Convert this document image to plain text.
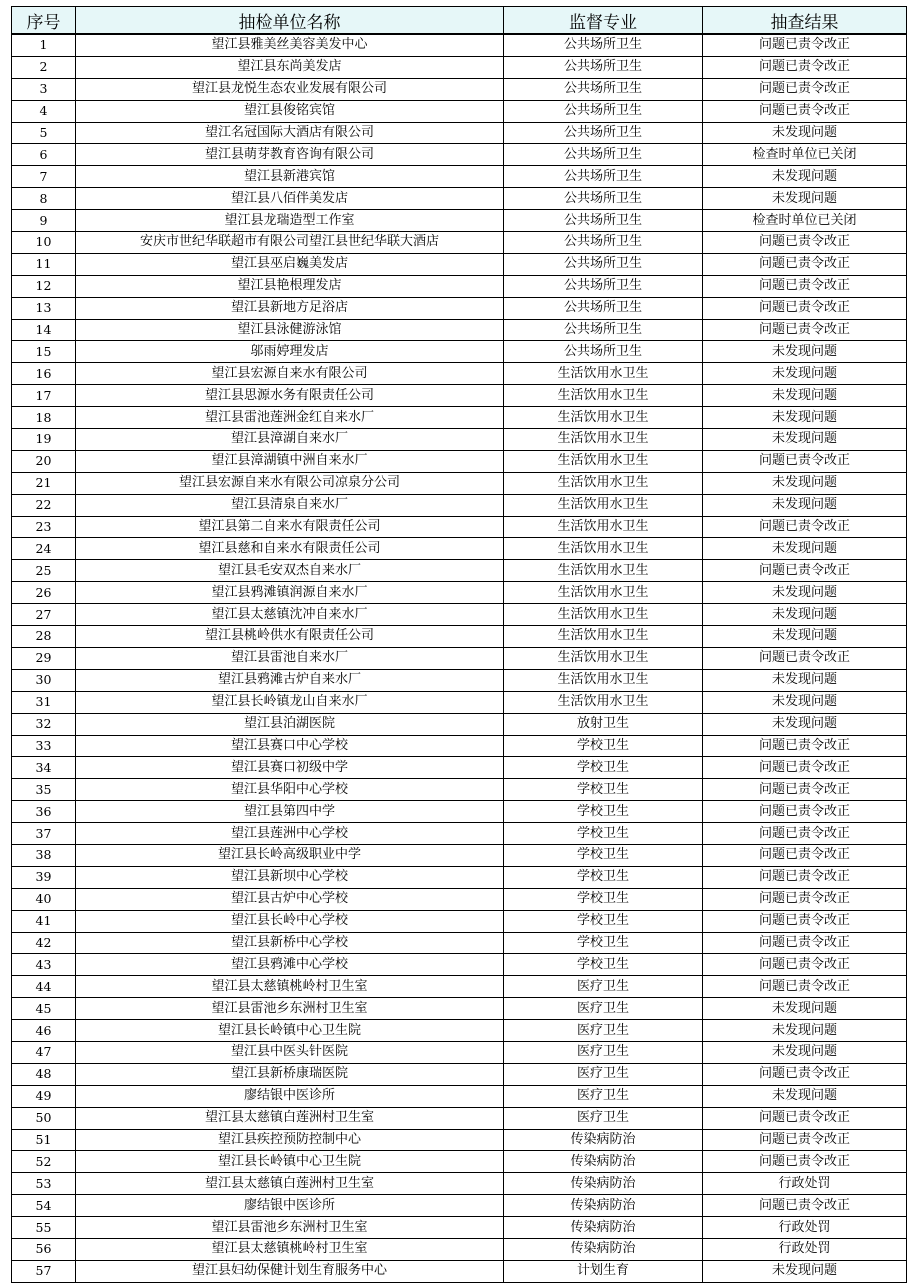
序号	抽检单位名称	监督专业	抽查结果
1	望江县雅美丝美容美发中心	公共场所卫生	问题已责令改正
2	望江县东尚美发店	公共场所卫生	问题已责令改正
3	望江县龙悦生态农业发展有限公司	公共场所卫生	问题已责令改正
4	望江县俊铭宾馆	公共场所卫生	问题已责令改正
5	望江名冠国际大酒店有限公司	公共场所卫生	未发现问题
6	望江县萌芽教育咨询有限公司	公共场所卫生	检查时单位已关闭
7	望江县新港宾馆	公共场所卫生	未发现问题
8	望江县八佰伴美发店	公共场所卫生	未发现问题
9	望江县龙瑞造型工作室	公共场所卫生	检查时单位已关闭
10	安庆市世纪华联超市有限公司望江县世纪华联大酒店	公共场所卫生	问题已责令改正
11	望江县巫启巍美发店	公共场所卫生	问题已责令改正
12	望江县艳根理发店	公共场所卫生	问题已责令改正
13	望江县新地方足浴店	公共场所卫生	问题已责令改正
14	望江县泳健游泳馆	公共场所卫生	问题已责令改正
15	邬雨婷理发店	公共场所卫生	未发现问题
16	望江县宏源自来水有限公司	生活饮用水卫生	未发现问题
17	望江县思源水务有限责任公司	生活饮用水卫生	未发现问题
18	望江县雷池莲洲金红自来水厂	生活饮用水卫生	未发现问题
19	望江县漳湖自来水厂	生活饮用水卫生	未发现问题
20	望江县漳湖镇中洲自来水厂	生活饮用水卫生	问题已责令改正
21	望江县宏源自来水有限公司凉泉分公司	生活饮用水卫生	未发现问题
22	望江县清泉自来水厂	生活饮用水卫生	未发现问题
23	望江县第二自来水有限责任公司	生活饮用水卫生	问题已责令改正
24	望江县慈和自来水有限责任公司	生活饮用水卫生	未发现问题
25	望江县毛安双杰自来水厂	生活饮用水卫生	问题已责令改正
26	望江县鸦滩镇润源自来水厂	生活饮用水卫生	未发现问题
27	望江县太慈镇沈冲自来水厂	生活饮用水卫生	未发现问题
28	望江县桃岭供水有限责任公司	生活饮用水卫生	未发现问题
29	望江县雷池自来水厂	生活饮用水卫生	问题已责令改正
30	望江县鸦滩古炉自来水厂	生活饮用水卫生	未发现问题
31	望江县长岭镇龙山自来水厂	生活饮用水卫生	未发现问题
32	望江县泊湖医院	放射卫生	未发现问题
33	望江县赛口中心学校	学校卫生	问题已责令改正
34	望江县赛口初级中学	学校卫生	问题已责令改正
35	望江县华阳中心学校	学校卫生	问题已责令改正
36	望江县第四中学	学校卫生	问题已责令改正
37	望江县莲洲中心学校	学校卫生	问题已责令改正
38	望江县长岭高级职业中学	学校卫生	问题已责令改正
39	望江县新坝中心学校	学校卫生	问题已责令改正
40	望江县古炉中心学校	学校卫生	问题已责令改正
41	望江县长岭中心学校	学校卫生	问题已责令改正
42	望江县新桥中心学校	学校卫生	问题已责令改正
43	望江县鸦滩中心学校	学校卫生	问题已责令改正
44	望江县太慈镇桃岭村卫生室	医疗卫生	问题已责令改正
45	望江县雷池乡东洲村卫生室	医疗卫生	未发现问题
46	望江县长岭镇中心卫生院	医疗卫生	未发现问题
47	望江县中医头针医院	医疗卫生	未发现问题
48	望江县新桥康瑞医院	医疗卫生	问题已责令改正
49	廖结银中医诊所	医疗卫生	未发现问题
50	望江县太慈镇白莲洲村卫生室	医疗卫生	问题已责令改正
51	望江县疾控预防控制中心	传染病防治	问题已责令改正
52	望江县长岭镇中心卫生院	传染病防治	问题已责令改正
53	望江县太慈镇白莲洲村卫生室	传染病防治	行政处罚
54	廖结银中医诊所	传染病防治	问题已责令改正
55	望江县雷池乡东洲村卫生室	传染病防治	行政处罚
56	望江县太慈镇桃岭村卫生室	传染病防治	行政处罚
57	望江县妇幼保健计划生育服务中心	计划生育	未发现问题
